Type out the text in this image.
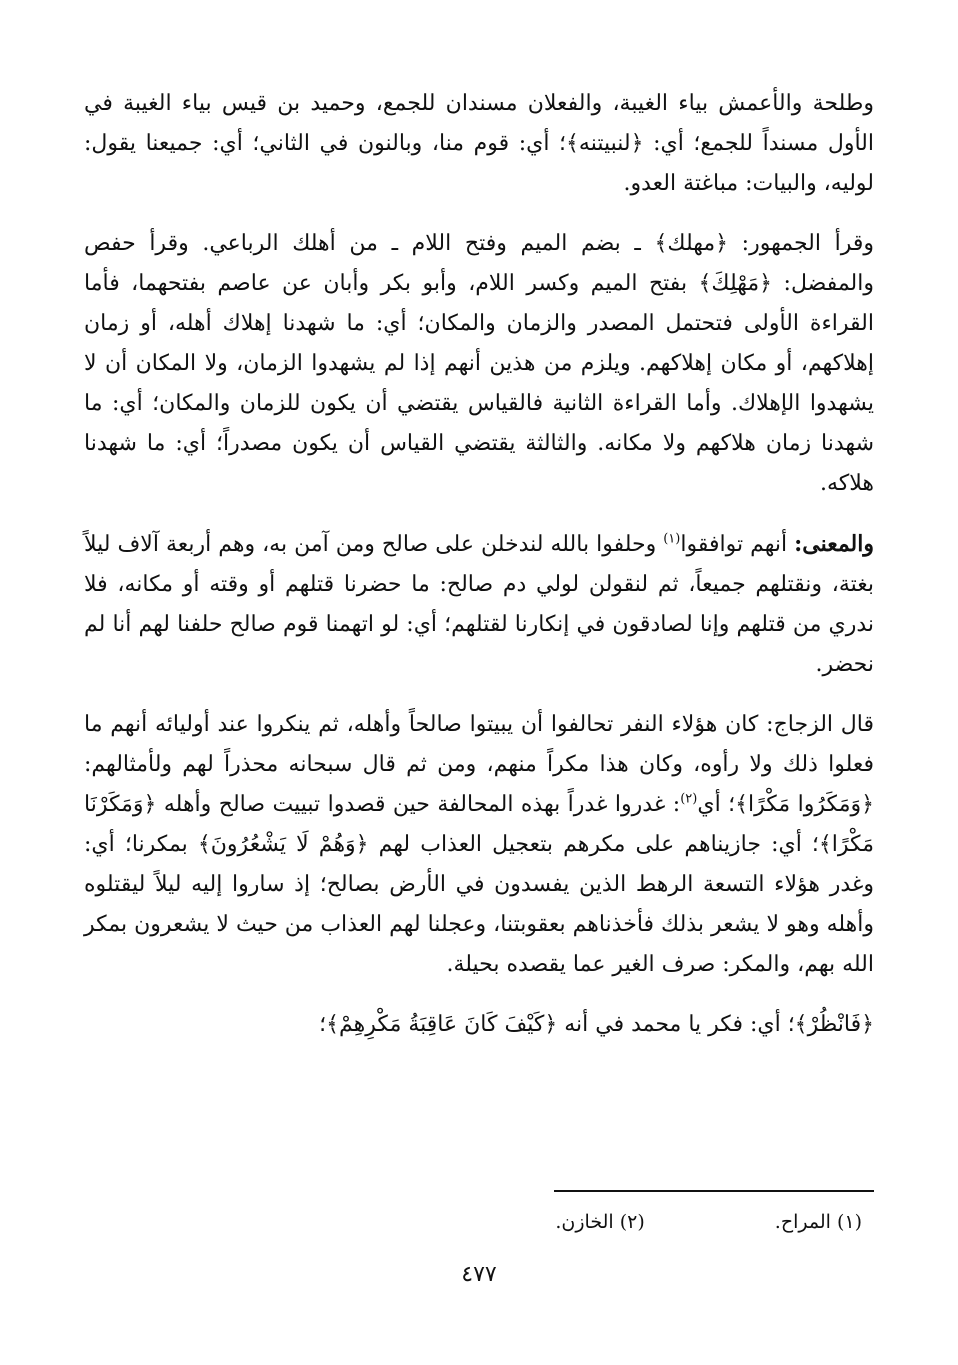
وطلحة والأعمش بياء الغيبة، والفعلان مسندان للجمع، وحميد بن قيس بياء الغيبة في الأول مسنداً للجمع؛ أي: ﴿لنبيتنه﴾؛ أي: قوم منا، وبالنون في الثاني؛ أي: جميعنا يقول: لوليه، والبيات: مباغتة العدو.

وقرأ الجمهور: ﴿مهلك﴾ ـ بضم الميم وفتح اللام ـ من أهلك الرباعي. وقرأ حفص والمفضل: ﴿مَهْلِكَ﴾ بفتح الميم وكسر اللام، وأبو بكر وأبان عن عاصم بفتحهما، فأما القراءة الأولى فتحتمل المصدر والزمان والمكان؛ أي: ما شهدنا إهلاك أهله، أو زمان إهلاكهم، أو مكان إهلاكهم. ويلزم من هذين أنهم إذا لم يشهدوا الزمان، ولا المكان أن لا يشهدوا الإهلاك. وأما القراءة الثانية فالقياس يقتضي أن يكون للزمان والمكان؛ أي: ما شهدنا زمان هلاكهم ولا مكانه. والثالثة يقتضي القياس أن يكون مصدراً؛ أي: ما شهدنا هلاكه.

والمعنى: أنهم توافقوا$^{(١)}$ وحلفوا بالله لندخلن على صالح ومن آمن به، وهم أربعة آلاف ليلاً بغتة، ونقتلهم جميعاً، ثم لنقولن لولي دم صالح: ما حضرنا قتلهم أو وقته أو مكانه، فلا ندري من قتلهم وإنا لصادقون في إنكارنا لقتلهم؛ أي: لو اتهمنا قوم صالح حلفنا لهم أنا لم نحضر.

قال الزجاج: كان هؤلاء النفر تحالفوا أن يبيتوا صالحاً وأهله، ثم ينكروا عند أوليائه أنهم ما فعلوا ذلك ولا رأوه، وكان هذا مكراً منهم، ومن ثم قال سبحانه محذراً لهم ولأمثالهم: ﴿وَمَكَرُوا مَكْرًا﴾؛ أي$^{(٢)}$: غدروا غدراً بهذه المحالفة حين قصدوا تبييت صالح وأهله ﴿وَمَكَرْنَا مَكْرًا﴾؛ أي: جازيناهم على مكرهم بتعجيل العذاب لهم ﴿وَهُمْ لَا يَشْعُرُونَ﴾ بمكرنا؛ أي: وغدر هؤلاء التسعة الرهط الذين يفسدون في الأرض بصالح؛ إذ ساروا إليه ليلاً ليقتلوه وأهله وهو لا يشعر بذلك فأخذناهم بعقوبتنا، وعجلنا لهم العذاب من حيث لا يشعرون بمكر الله بهم، والمكر: صرف الغير عما يقصده بحيلة.

﴿فَانْظُرْ﴾؛ أي: فكر يا محمد في أنه ﴿كَيْفَ كَانَ عَاقِبَةُ مَكْرِهِمْ﴾؛
(١) المراح.
(٢) الخازن.
٤٧٧
